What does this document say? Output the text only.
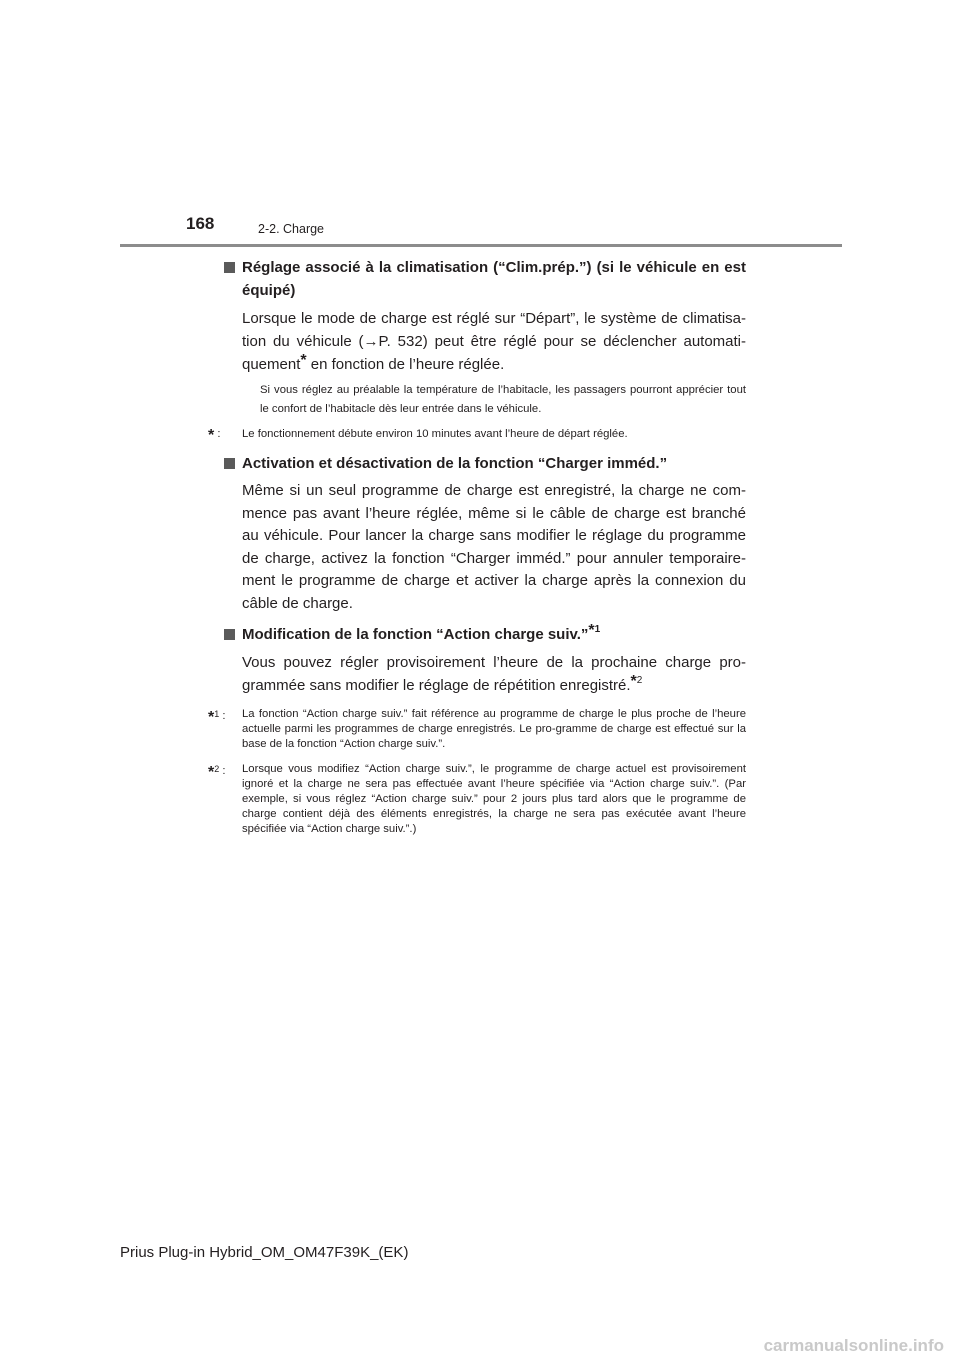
168	2-2. Charge

Réglage associé à la climatisation (“Clim.prép.”) (si le véhicule en est équipé)

Lorsque le mode de charge est réglé sur “Départ”, le système de climatisa-tion du véhicule (→P. 532) peut être réglé pour se déclencher automati-quement* en fonction de l’heure réglée.

Si vous réglez au préalable la température de l’habitacle, les passagers pourront apprécier tout le confort de l’habitacle dès leur entrée dans le véhicule.

* : Le fonctionnement débute environ 10 minutes avant l’heure de départ réglée.

Activation et désactivation de la fonction “Charger imméd.”

Même si un seul programme de charge est enregistré, la charge ne com-mence pas avant l’heure réglée, même si le câble de charge est branché au véhicule. Pour lancer la charge sans modifier le réglage du programme de charge, activez la fonction “Charger imméd.” pour annuler temporaire-ment le programme de charge et activer la charge après la connexion du câble de charge.

Modification de la fonction “Action charge suiv.”*$^1$

Vous pouvez régler provisoirement l’heure de la prochaine charge pro-grammée sans modifier le réglage de répétition enregistré.*$^2$

*$^1$ : La fonction “Action charge suiv.” fait référence au programme de charge le plus proche de l’heure actuelle parmi les programmes de charge enregistrés. Le pro-gramme de charge est effectué sur la base de la fonction “Action charge suiv.”.

*$^2$ : Lorsque vous modifiez “Action charge suiv.”, le programme de charge actuel est provisoirement ignoré et la charge ne sera pas effectuée avant l’heure spécifiée via “Action charge suiv.”. (Par exemple, si vous réglez “Action charge suiv.” pour 2 jours plus tard alors que le programme de charge contient déjà des éléments enregistrés, la charge ne sera pas exécutée avant l’heure spécifiée via “Action charge suiv.”.)

Prius Plug-in Hybrid_OM_OM47F39K_(EK)
carmanualsonline.info
